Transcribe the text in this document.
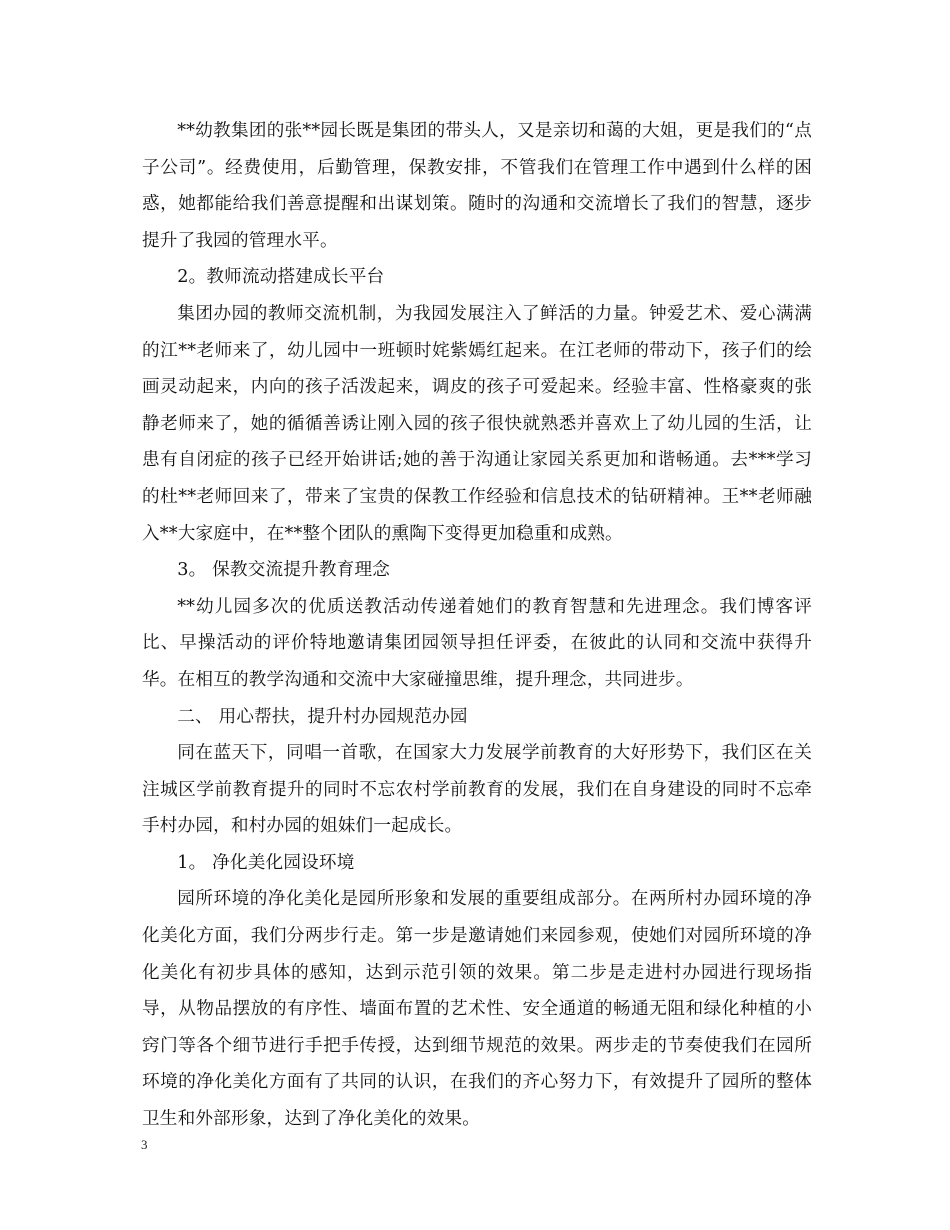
**幼教集团的张**园长既是集团的带头人，又是亲切和蔼的大姐，更是我们的“点子公司”。经费使用，后勤管理，保教安排，不管我们在管理工作中遇到什么样的困惑，她都能给我们善意提醒和出谋划策。随时的沟通和交流增长了我们的智慧，逐步提升了我园的管理水平。

2。教师流动搭建成长平台

集团办园的教师交流机制，为我园发展注入了鲜活的力量。钟爱艺术、爱心满满的江**老师来了，幼儿园中一班顿时姹紫嫣红起来。在江老师的带动下，孩子们的绘画灵动起来，内向的孩子活泼起来，调皮的孩子可爱起来。经验丰富、性格豪爽的张静老师来了，她的循循善诱让刚入园的孩子很快就熟悉并喜欢上了幼儿园的生活，让患有自闭症的孩子已经开始讲话;她的善于沟通让家园关系更加和谐畅通。去***学习的杜**老师回来了，带来了宝贵的保教工作经验和信息技术的钻研精神。王**老师融入**大家庭中，在**整个团队的熏陶下变得更加稳重和成熟。

3。 保教交流提升教育理念

**幼儿园多次的优质送教活动传递着她们的教育智慧和先进理念。我们博客评比、早操活动的评价特地邀请集团园领导担任评委，在彼此的认同和交流中获得升华。在相互的教学沟通和交流中大家碰撞思维，提升理念，共同进步。

二、 用心帮扶，提升村办园规范办园

同在蓝天下，同唱一首歌，在国家大力发展学前教育的大好形势下，我们区在关注城区学前教育提升的同时不忘农村学前教育的发展，我们在自身建设的同时不忘牵手村办园，和村办园的姐妹们一起成长。

1。 净化美化园设环境

园所环境的净化美化是园所形象和发展的重要组成部分。在两所村办园环境的净化美化方面，我们分两步行走。第一步是邀请她们来园参观，使她们对园所环境的净化美化有初步具体的感知，达到示范引领的效果。第二步是走进村办园进行现场指导，从物品摆放的有序性、墙面布置的艺术性、安全通道的畅通无阻和绿化种植的小窍门等各个细节进行手把手传授，达到细节规范的效果。两步走的节奏使我们在园所环境的净化美化方面有了共同的认识，在我们的齐心努力下，有效提升了园所的整体卫生和外部形象，达到了净化美化的效果。

3
